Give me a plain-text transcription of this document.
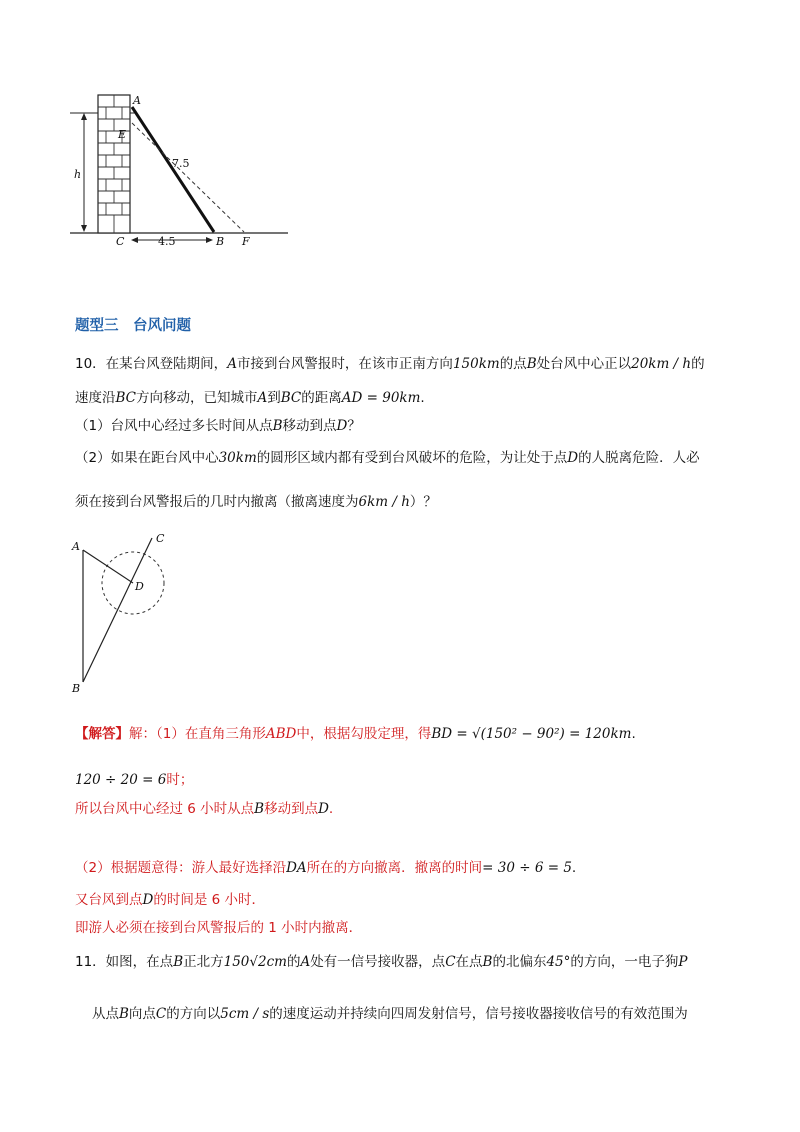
A
E
h
7.5
C	4.5	B F
题型三　台风问题
10．在某台风登陆期间，A市接到台风警报时，在该市正南方向150km的点B处台风中心正以20km / h的
速度沿BC方向移动，已知城市A到BC的距离AD = 90km.
（1）台风中心经过多长时间从点B移动到点D？
（2）如果在距台风中心30km的圆形区域内都有受到台风破坏的危险，为让处于点D的人脱离危险．人必
须在接到台风警报后的几时内撤离（撤离速度为6km / h）？
A
B
C
D
【解答】解：（1）在直角三角形ABD中，根据勾股定理，得BD = √(150² − 90²) = 120km.
120 ÷ 20 = 6时；
所以台风中心经过 6 小时从点B移动到点D.
（2）根据题意得：游人最好选择沿DA所在的方向撤离．撤离的时间= 30 ÷ 6 = 5.
又台风到点D的时间是 6 小时．
即游人必须在接到台风警报后的 1 小时内撤离．
11．如图，在点B正北方150√2cm的A处有一信号接收器，点C在点B的北偏东45°的方向，一电子狗P
从点B向点C的方向以5cm / s的速度运动并持续向四周发射信号，信号接收器接收信号的有效范围为
